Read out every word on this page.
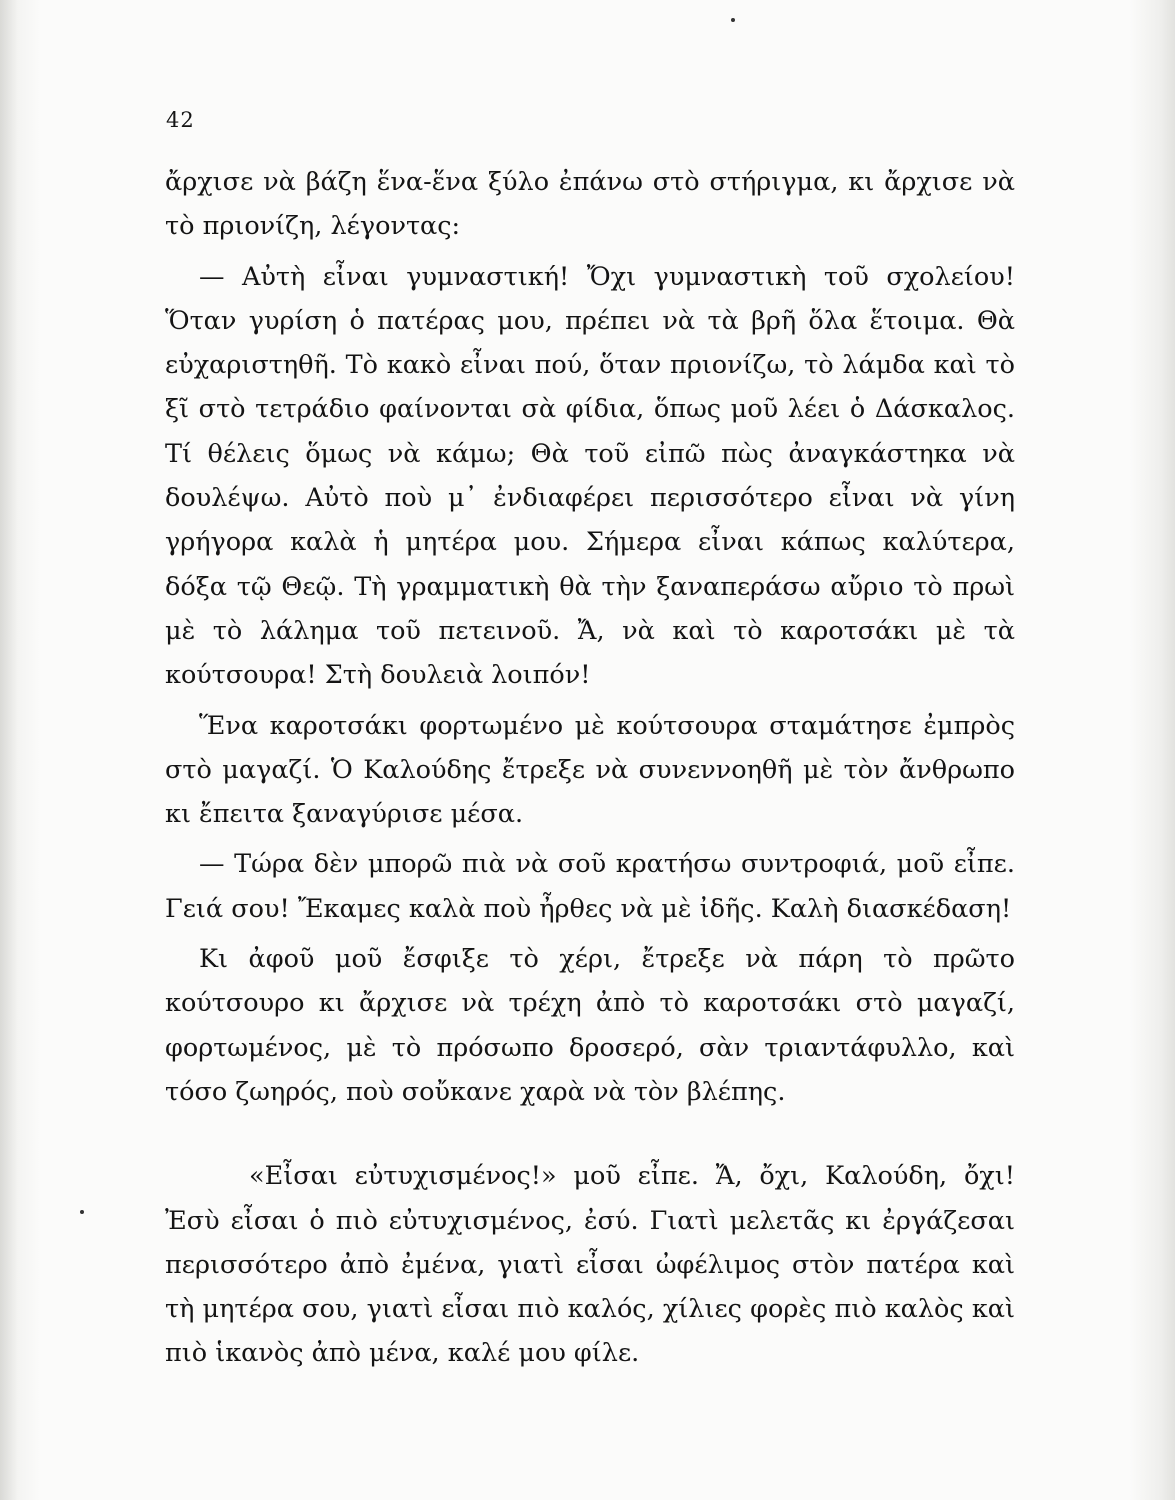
42

ἄρχισε νὰ βάζη ἕνα-ἕνα ξύλο ἐπάνω στὸ στήριγμα, κι ἄρχισε νὰ τὸ πριονίζη, λέγοντας:

— Αὐτὴ εἶναι γυμναστική! Ὄχι γυμναστικὴ τοῦ σχολείου! Ὅταν γυρίση ὁ πατέρας μου, πρέπει νὰ τὰ βρῆ ὅλα ἕτοιμα. Θὰ εὐχαριστηθῆ. Τὸ κακὸ εἶναι πού, ὅταν πριονίζω, τὸ λάμδα καὶ τὸ ξῖ στὸ τετράδιο φαίνονται σὰ φίδια, ὅπως μοῦ λέει ὁ Δάσκαλος. Τί θέλεις ὅμως νὰ κάμω; Θὰ τοῦ εἰπῶ πὼς ἀναγκάστηκα νὰ δουλέψω. Αὐτὸ ποὺ μ᾿ ἐνδιαφέρει περισσότερο εἶναι νὰ γίνη γρήγορα καλὰ ἡ μητέρα μου. Σήμερα εἶναι κάπως καλύτερα, δόξα τῷ Θεῷ. Τὴ γραμματικὴ θὰ τὴν ξαναπεράσω αὔριο τὸ πρωὶ μὲ τὸ λάλημα τοῦ πετεινοῦ. Ἄ, νὰ καὶ τὸ καροτσάκι μὲ τὰ κούτσουρα! Στὴ δουλειὰ λοιπόν!

Ἕνα καροτσάκι φορτωμένο μὲ κούτσουρα σταμάτησε ἐμπρὸς στὸ μαγαζί. Ὁ Καλούδης ἔτρεξε νὰ συνεννοηθῆ μὲ τὸν ἄνθρωπο κι ἔπειτα ξαναγύρισε μέσα.

— Τώρα δὲν μπορῶ πιὰ νὰ σοῦ κρατήσω συντροφιά, μοῦ εἶπε. Γειά σου! Ἔκαμες καλὰ ποὺ ἦρθες νὰ μὲ ἰδῆς. Καλὴ διασκέδαση!

Κι ἀφοῦ μοῦ ἔσφιξε τὸ χέρι, ἔτρεξε νὰ πάρη τὸ πρῶτο κούτσουρο κι ἄρχισε νὰ τρέχη ἀπὸ τὸ καροτσάκι στὸ μαγαζί, φορτωμένος, μὲ τὸ πρόσωπο δροσερό, σὰν τριαντάφυλλο, καὶ τόσο ζωηρός, ποὺ σοὔκανε χαρὰ νὰ τὸν βλέπης.

«Εἶσαι εὐτυχισμένος!» μοῦ εἶπε. Ἄ, ὄχι, Καλούδη, ὄχι! Ἐσὺ εἶσαι ὁ πιὸ εὐτυχισμένος, ἐσύ. Γιατὶ μελετᾶς κι ἐργάζεσαι περισσότερο ἀπὸ ἐμένα, γιατὶ εἶσαι ὠφέλιμος στὸν πατέρα καὶ τὴ μητέρα σου, γιατὶ εἶσαι πιὸ καλός, χίλιες φορὲς πιὸ καλὸς καὶ πιὸ ἱκανὸς ἀπὸ μένα, καλέ μου φίλε.
